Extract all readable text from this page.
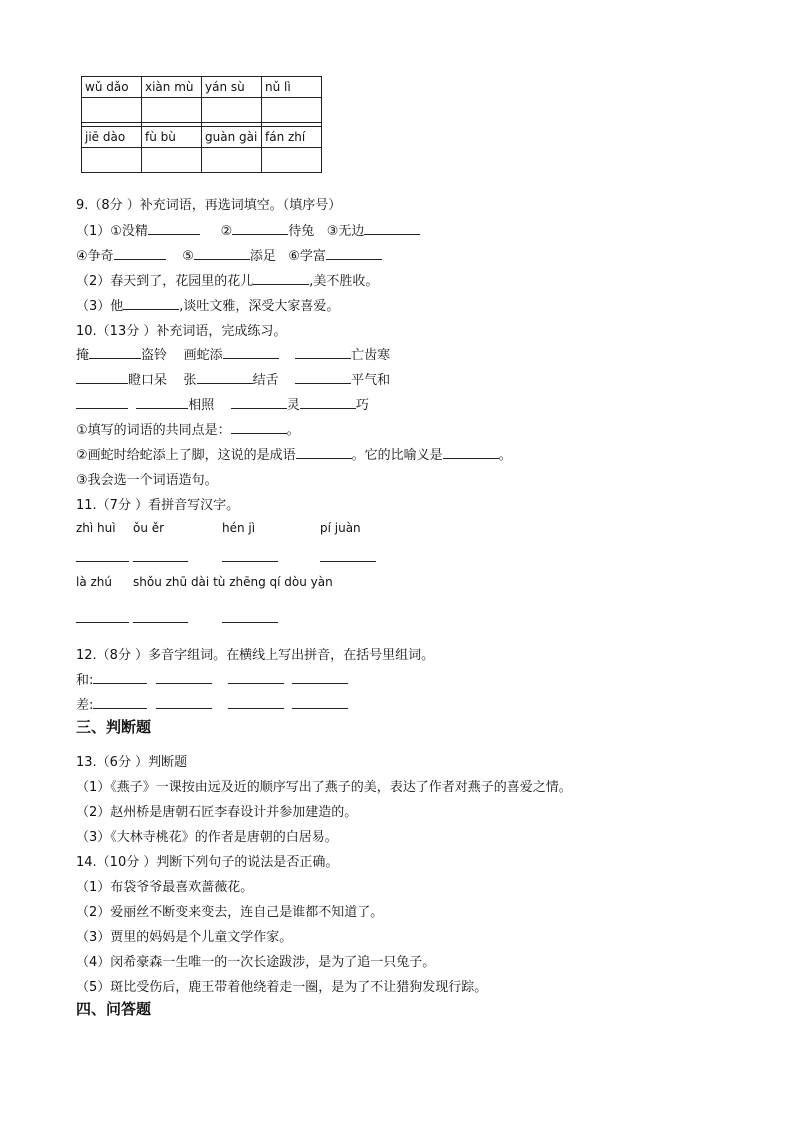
wǔ dǎo	xiàn mù	yán sù	nǔ lì

jiē dào	fù bù	guàn gài	fán zhí

9.（8分 ）补充词语，再选词填空。（填序号）
（1）①没精	②	待兔 ③无边
④争奇	⑤	添足 ⑥学富
（2）春天到了，花园里的花儿	,美不胜收。
（3）他	,谈吐文雅，深受大家喜爱。
10.（13分 ）补充词语，完成练习。
掩	盗铃 画蛇添	亡齿寒
瞪口呆 张	结舌	平气和
相照	灵	巧
①填写的词语的共同点是：	。
②画蛇时给蛇添上了脚，这说的是成语	。它的比喻义是	。
③我会选一个词语造句。
11.（7分 ）看拼音写汉字。
zhì huì ǒu ěr	hén jì	pí juàn
là zhú shǒu zhū dài tù zhēng qí dòu yàn
12.（8分 ）多音字组词。在横线上写出拼音，在括号里组词。
和:
差:
三、判断题
13.（6分 ）判断题
（1）《燕子》一课按由远及近的顺序写出了燕子的美，表达了作者对燕子的喜爱之情。
（2）赵州桥是唐朝石匠李春设计并参加建造的。
（3）《大林寺桃花》的作者是唐朝的白居易。
14.（10分 ）判断下列句子的说法是否正确。
（1）布袋爷爷最喜欢蔷薇花。
（2）爱丽丝不断变来变去，连自己是谁都不知道了。
（3）贾里的妈妈是个儿童文学作家。
（4）闵希豪森一生唯一的一次长途跋涉，是为了追一只兔子。
（5）斑比受伤后，鹿王带着他绕着走一圈，是为了不让猎狗发现行踪。
四、问答题
